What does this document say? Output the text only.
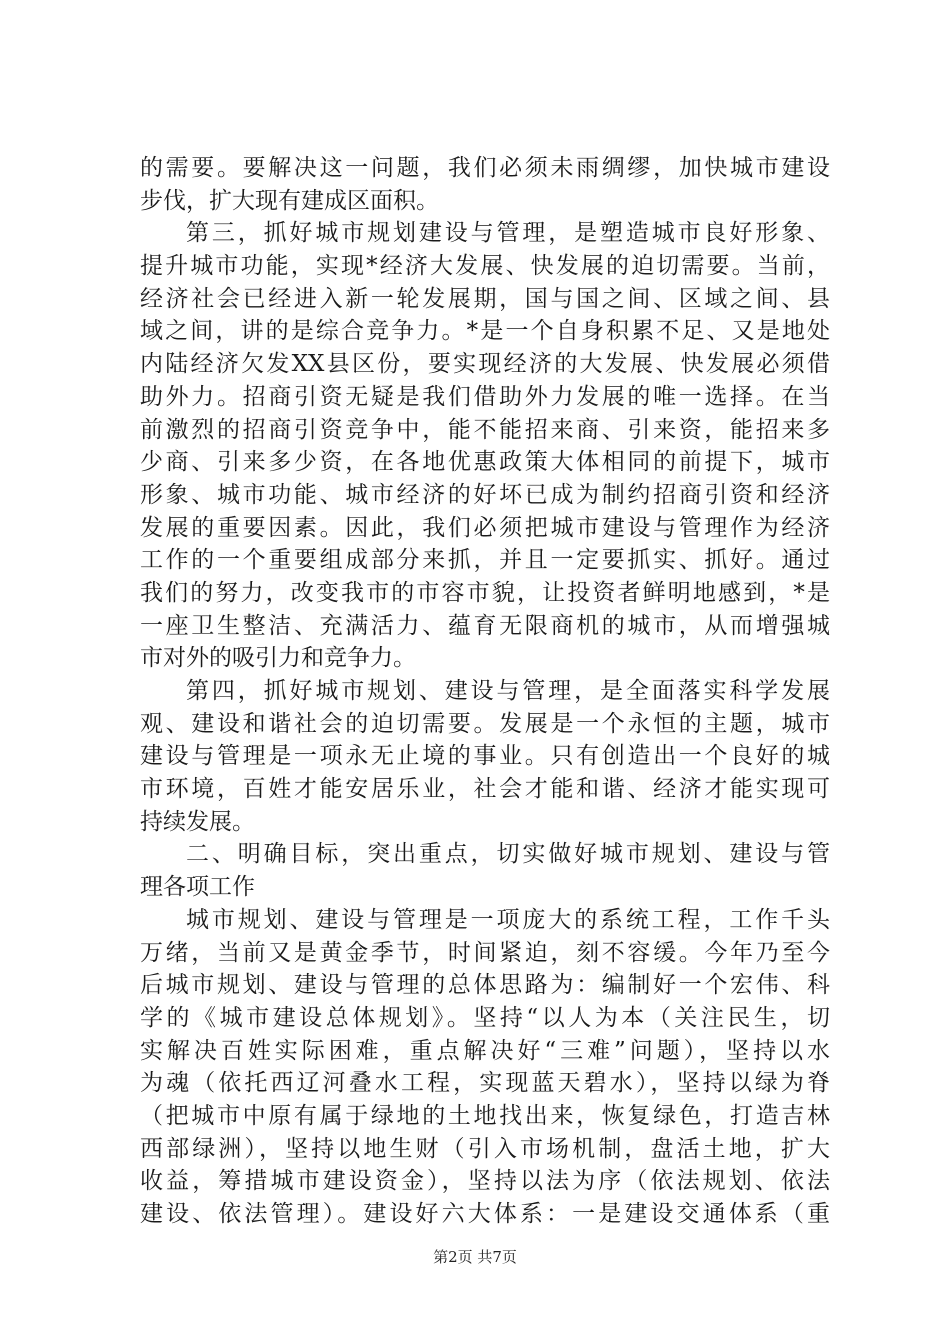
的需要。要解决这一问题，我们必须未雨绸缪，加快城市建设
步伐，扩大现有建成区面积。
第三，抓好城市规划建设与管理，是塑造城市良好形象、
提升城市功能，实现*经济大发展、快发展的迫切需要。当前，
经济社会已经进入新一轮发展期，国与国之间、区域之间、县
域之间，讲的是综合竞争力。*是一个自身积累不足、又是地处
内陆经济欠发XX县区份，要实现经济的大发展、快发展必须借
助外力。招商引资无疑是我们借助外力发展的唯一选择。在当
前激烈的招商引资竞争中，能不能招来商、引来资，能招来多
少商、引来多少资，在各地优惠政策大体相同的前提下，城市
形象、城市功能、城市经济的好坏已成为制约招商引资和经济
发展的重要因素。因此，我们必须把城市建设与管理作为经济
工作的一个重要组成部分来抓，并且一定要抓实、抓好。通过
我们的努力，改变我市的市容市貌，让投资者鲜明地感到，*是
一座卫生整洁、充满活力、蕴育无限商机的城市，从而增强城
市对外的吸引力和竞争力。
第四，抓好城市规划、建设与管理，是全面落实科学发展
观、建设和谐社会的迫切需要。发展是一个永恒的主题，城市
建设与管理是一项永无止境的事业。只有创造出一个良好的城
市环境，百姓才能安居乐业，社会才能和谐、经济才能实现可
持续发展。
二、明确目标，突出重点，切实做好城市规划、建设与管
理各项工作
城市规划、建设与管理是一项庞大的系统工程，工作千头
万绪，当前又是黄金季节，时间紧迫，刻不容缓。今年乃至今
后城市规划、建设与管理的总体思路为：编制好一个宏伟、科
学的《城市建设总体规划》。坚持“以人为本（关注民生，切
实解决百姓实际困难，重点解决好“三难”问题），坚持以水
为魂（依托西辽河叠水工程，实现蓝天碧水），坚持以绿为脊
（把城市中原有属于绿地的土地找出来，恢复绿色，打造吉林
西部绿洲），坚持以地生财（引入市场机制，盘活土地，扩大
收益，筹措城市建设资金），坚持以法为序（依法规划、依法
建设、依法管理）。建设好六大体系：一是建设交通体系（重
第2页 共7页
